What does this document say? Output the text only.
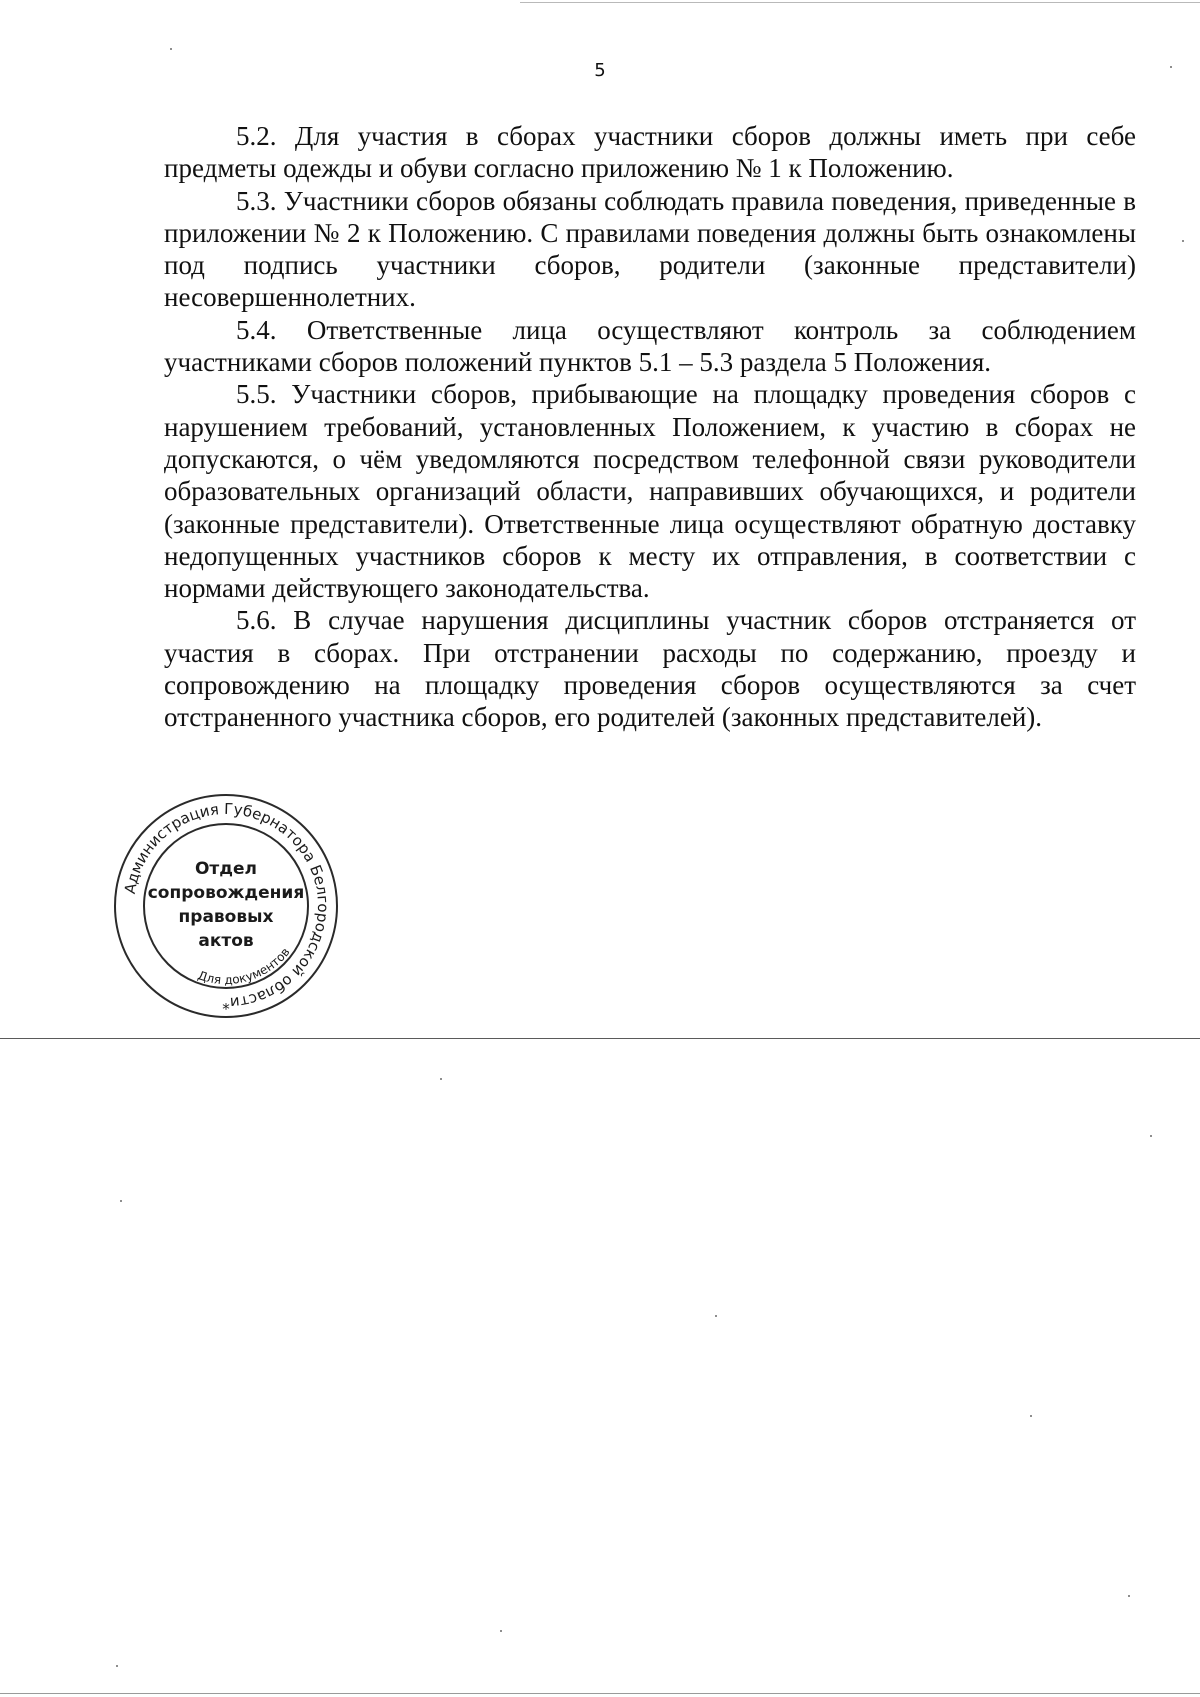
5

5.2. Для участия в сборах участники сборов должны иметь при себе предметы одежды и обуви согласно приложению № 1 к Положению.

5.3. Участники сборов обязаны соблюдать правила поведения, приведенные в приложении № 2 к Положению. С правилами поведения должны быть ознакомлены под подпись участники сборов, родители (законные представители) несовершеннолетних.

5.4. Ответственные лица осуществляют контроль за соблюдением участниками сборов положений пунктов 5.1 – 5.3 раздела 5 Положения.

5.5. Участники сборов, прибывающие на площадку проведения сборов с нарушением требований, установленных Положением, к участию в сборах не допускаются, о чём уведомляются посредством телефонной связи руководители образовательных организаций области, направивших обучающихся, и родители (законные представители). Ответственные лица осуществляют обратную доставку недопущенных участников сборов к месту их отправления, в соответствии с нормами действующего законодательства.

5.6. В случае нарушения дисциплины участник сборов отстраняется от участия в сборах. При отстранении расходы по содержанию, проезду и сопровождению на площадку проведения сборов осуществляются за счет отстраненного участника сборов, его родителей (законных представителей).

Администрация Губернатора Белгородской области
Отдел
сопровождения
правовых
актов
Для документов
*
